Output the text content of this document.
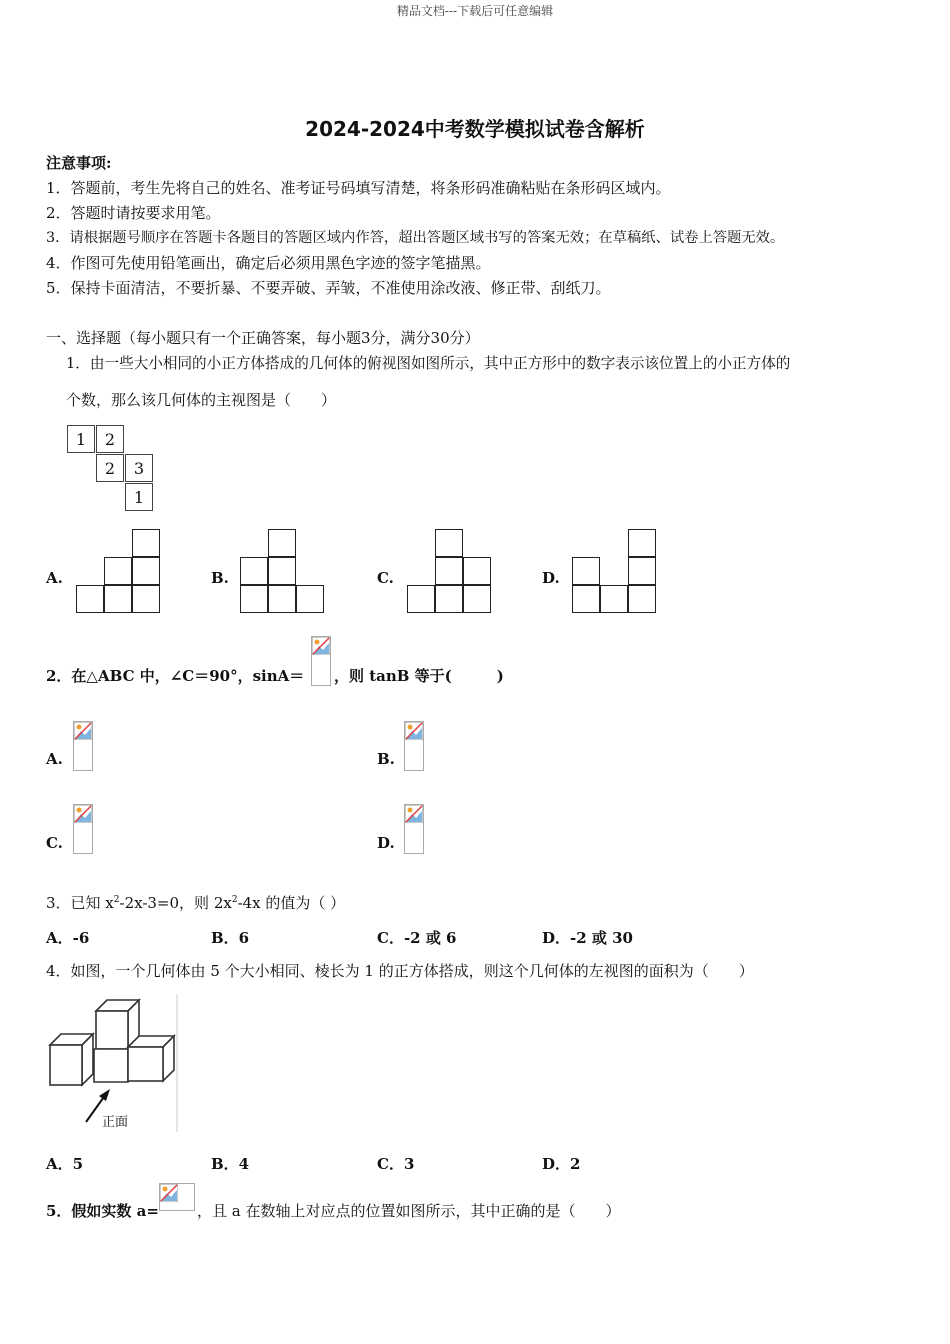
精品文档---下载后可任意编辑
2024-2024中考数学模拟试卷含解析
注意事项:
1．答题前，考生先将自己的姓名、准考证号码填写清楚，将条形码准确粘贴在条形码区域内。
2．答题时请按要求用笔。
3．请根据题号顺序在答题卡各题目的答题区域内作答，超出答题区域书写的答案无效；在草稿纸、试卷上答题无效。
4．作图可先使用铅笔画出，确定后必须用黑色字迹的签字笔描黑。
5．保持卡面清洁，不要折暴、不要弄破、弄皱，不准使用涂改液、修正带、刮纸刀。
一、选择题（每小题只有一个正确答案，每小题3分，满分30分）
1．由一些大小相同的小正方体搭成的几何体的俯视图如图所示，其中正方形中的数字表示该位置上的小正方体的
个数，那么该几何体的主视图是（　　）
1	2
2	3
1
A.	B.	C.	D.
2．在△ABC 中，∠C＝90°，sinA＝ ，则 tanB 等于(　　　)
A.	B.
C.	D.
3．已知 $x^2-2x-3=0$，则 $2x^2-4x$ 的值为（ ）
A．-6	B．6	C．-2 或 6	D．-2 或 30
4．如图，一个几何体由 5 个大小相同、棱长为 1 的正方体搭成，则这个几何体的左视图的面积为（　　）
正面
A．5	B．4	C．3	D．2
5．假如实数 a=	，且 a 在数轴上对应点的位置如图所示，其中正确的是（　　）
